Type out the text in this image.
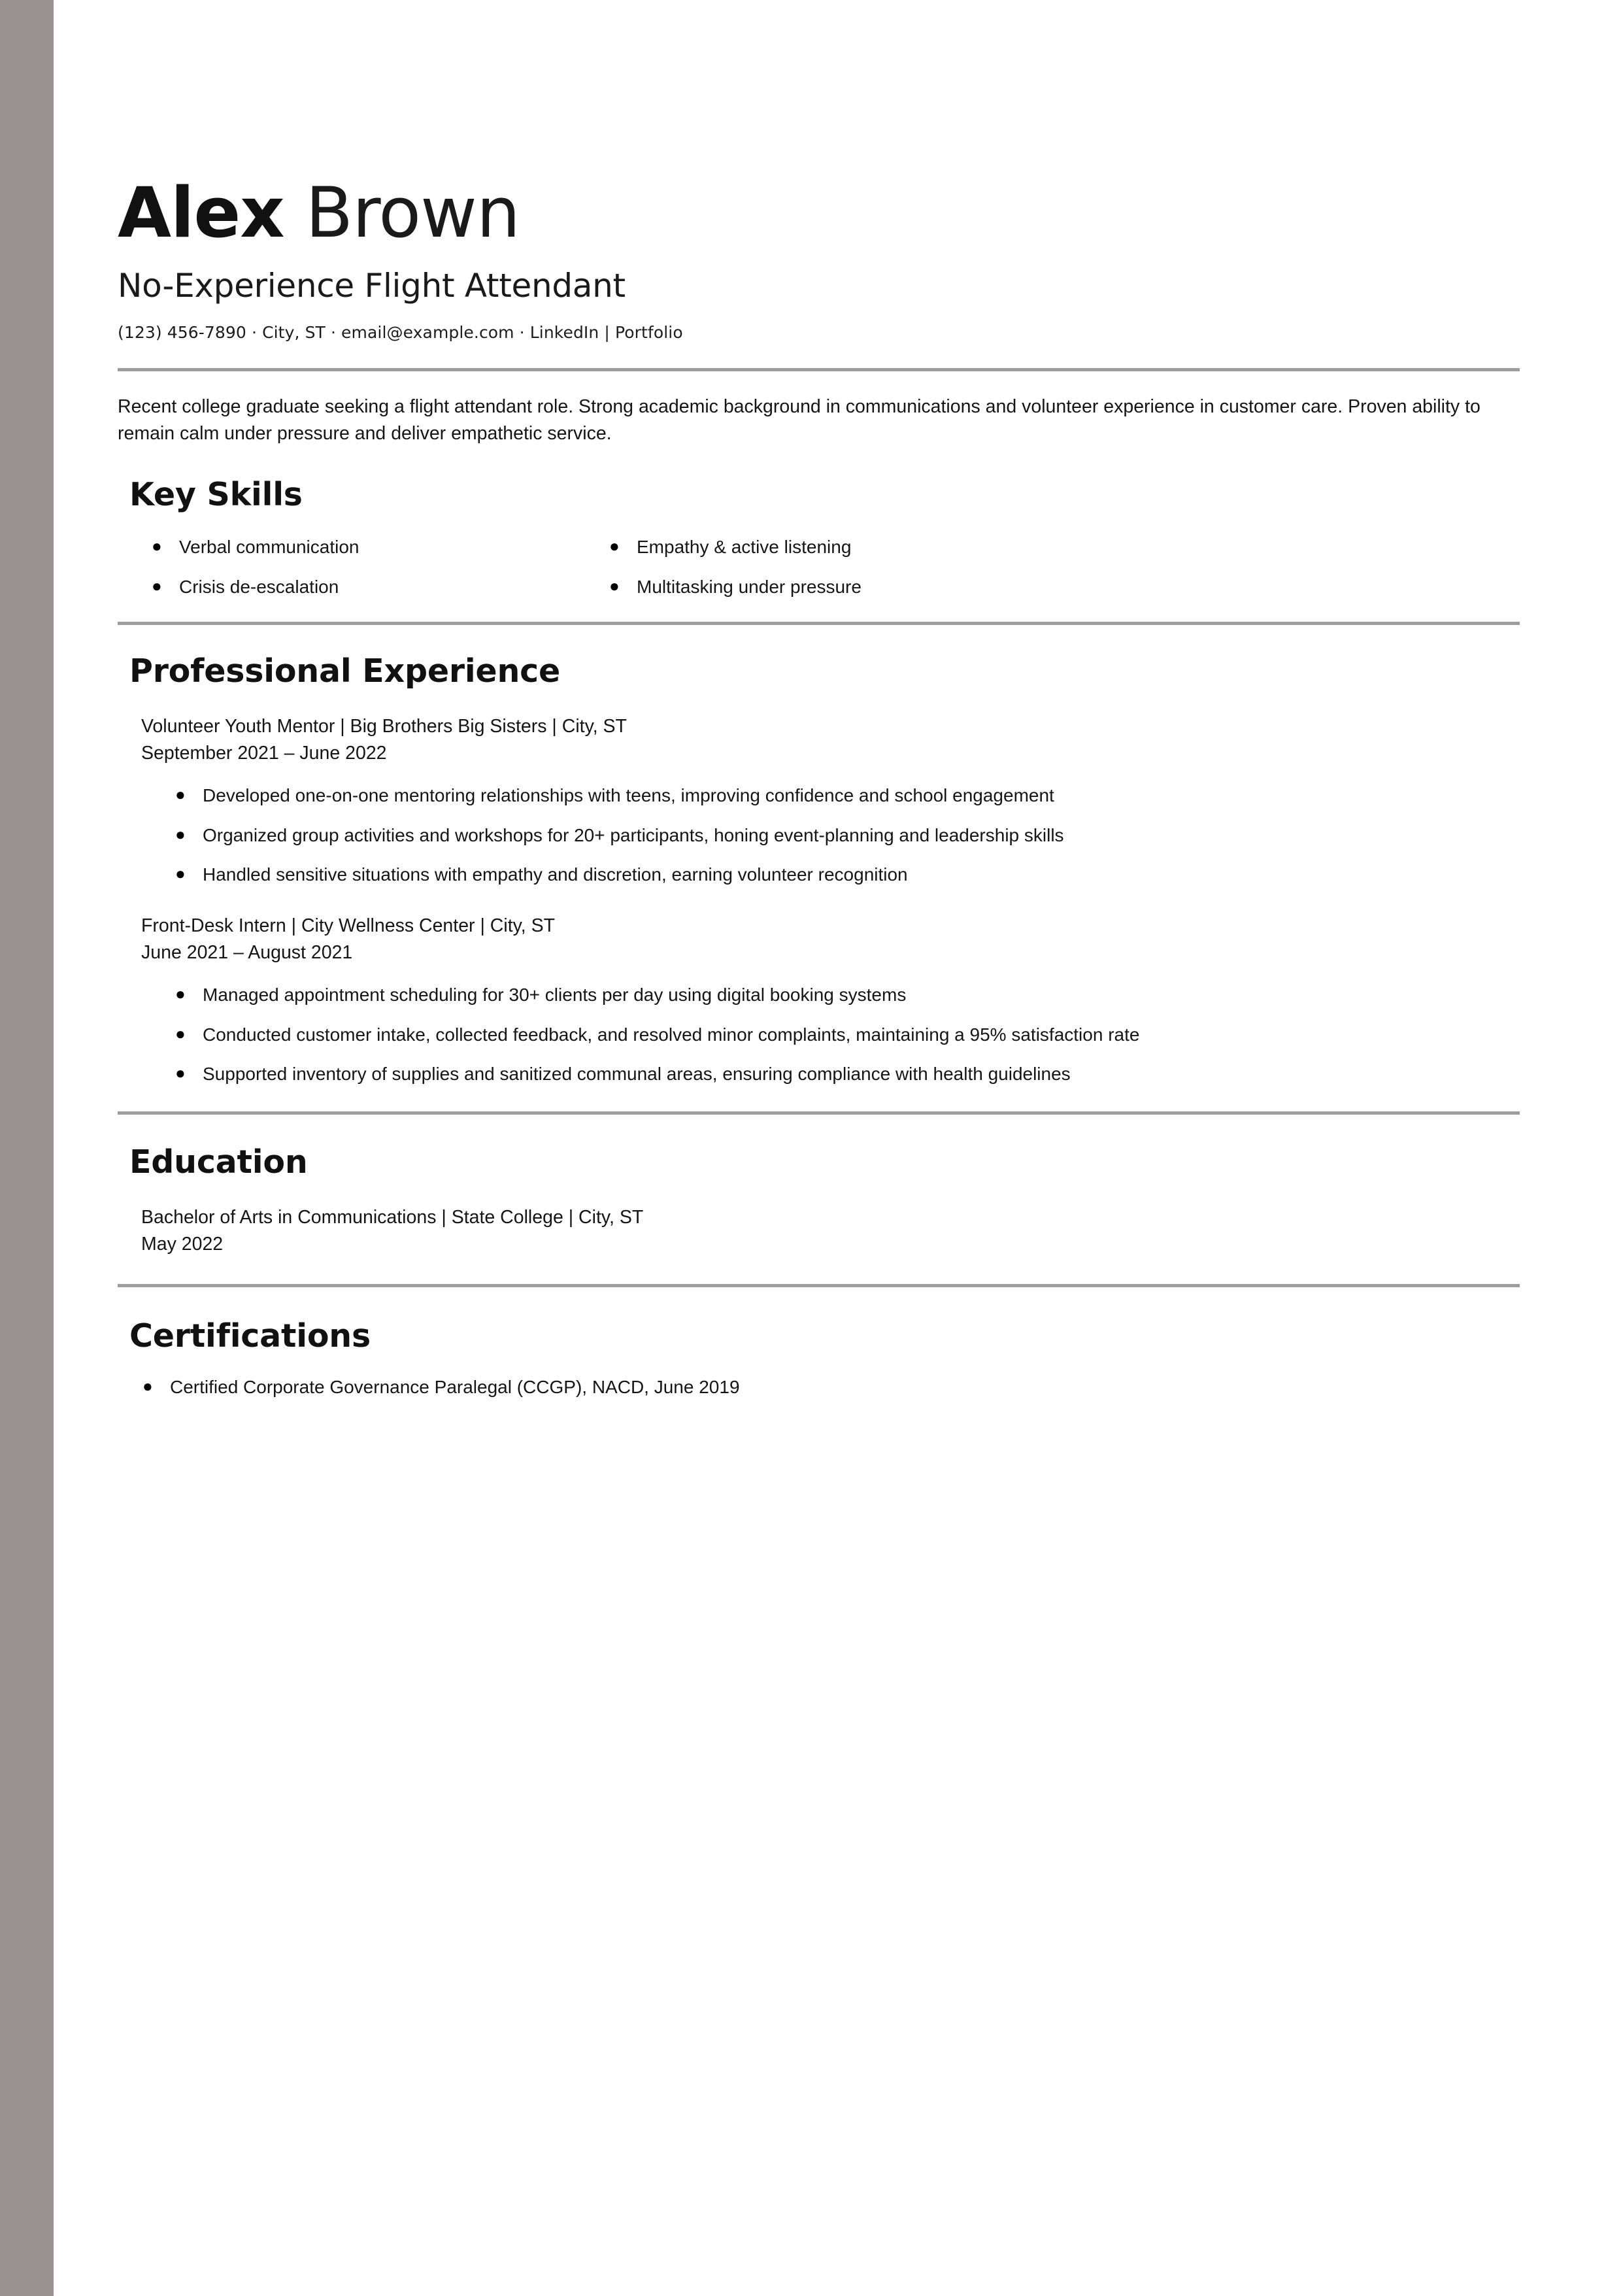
Alex Brown
No-Experience Flight Attendant
(123) 456-7890 · City, ST · email@example.com · LinkedIn | Portfolio
Recent college graduate seeking a flight attendant role. Strong academic background in communications and volunteer experience in customer care. Proven ability to remain calm under pressure and deliver empathetic service.
Key Skills
● Verbal communication	● Empathy & active listening
● Crisis de-escalation	● Multitasking under pressure
Professional Experience
Volunteer Youth Mentor | Big Brothers Big Sisters | City, ST
September 2021 – June 2022
● Developed one-on-one mentoring relationships with teens, improving confidence and school engagement
● Organized group activities and workshops for 20+ participants, honing event-planning and leadership skills
● Handled sensitive situations with empathy and discretion, earning volunteer recognition
Front-Desk Intern | City Wellness Center | City, ST
June 2021 – August 2021
● Managed appointment scheduling for 30+ clients per day using digital booking systems
● Conducted customer intake, collected feedback, and resolved minor complaints, maintaining a 95% satisfaction rate
● Supported inventory of supplies and sanitized communal areas, ensuring compliance with health guidelines
Education
Bachelor of Arts in Communications | State College | City, ST
May 2022
Certifications
● Certified Corporate Governance Paralegal (CCGP), NACD, June 2019
